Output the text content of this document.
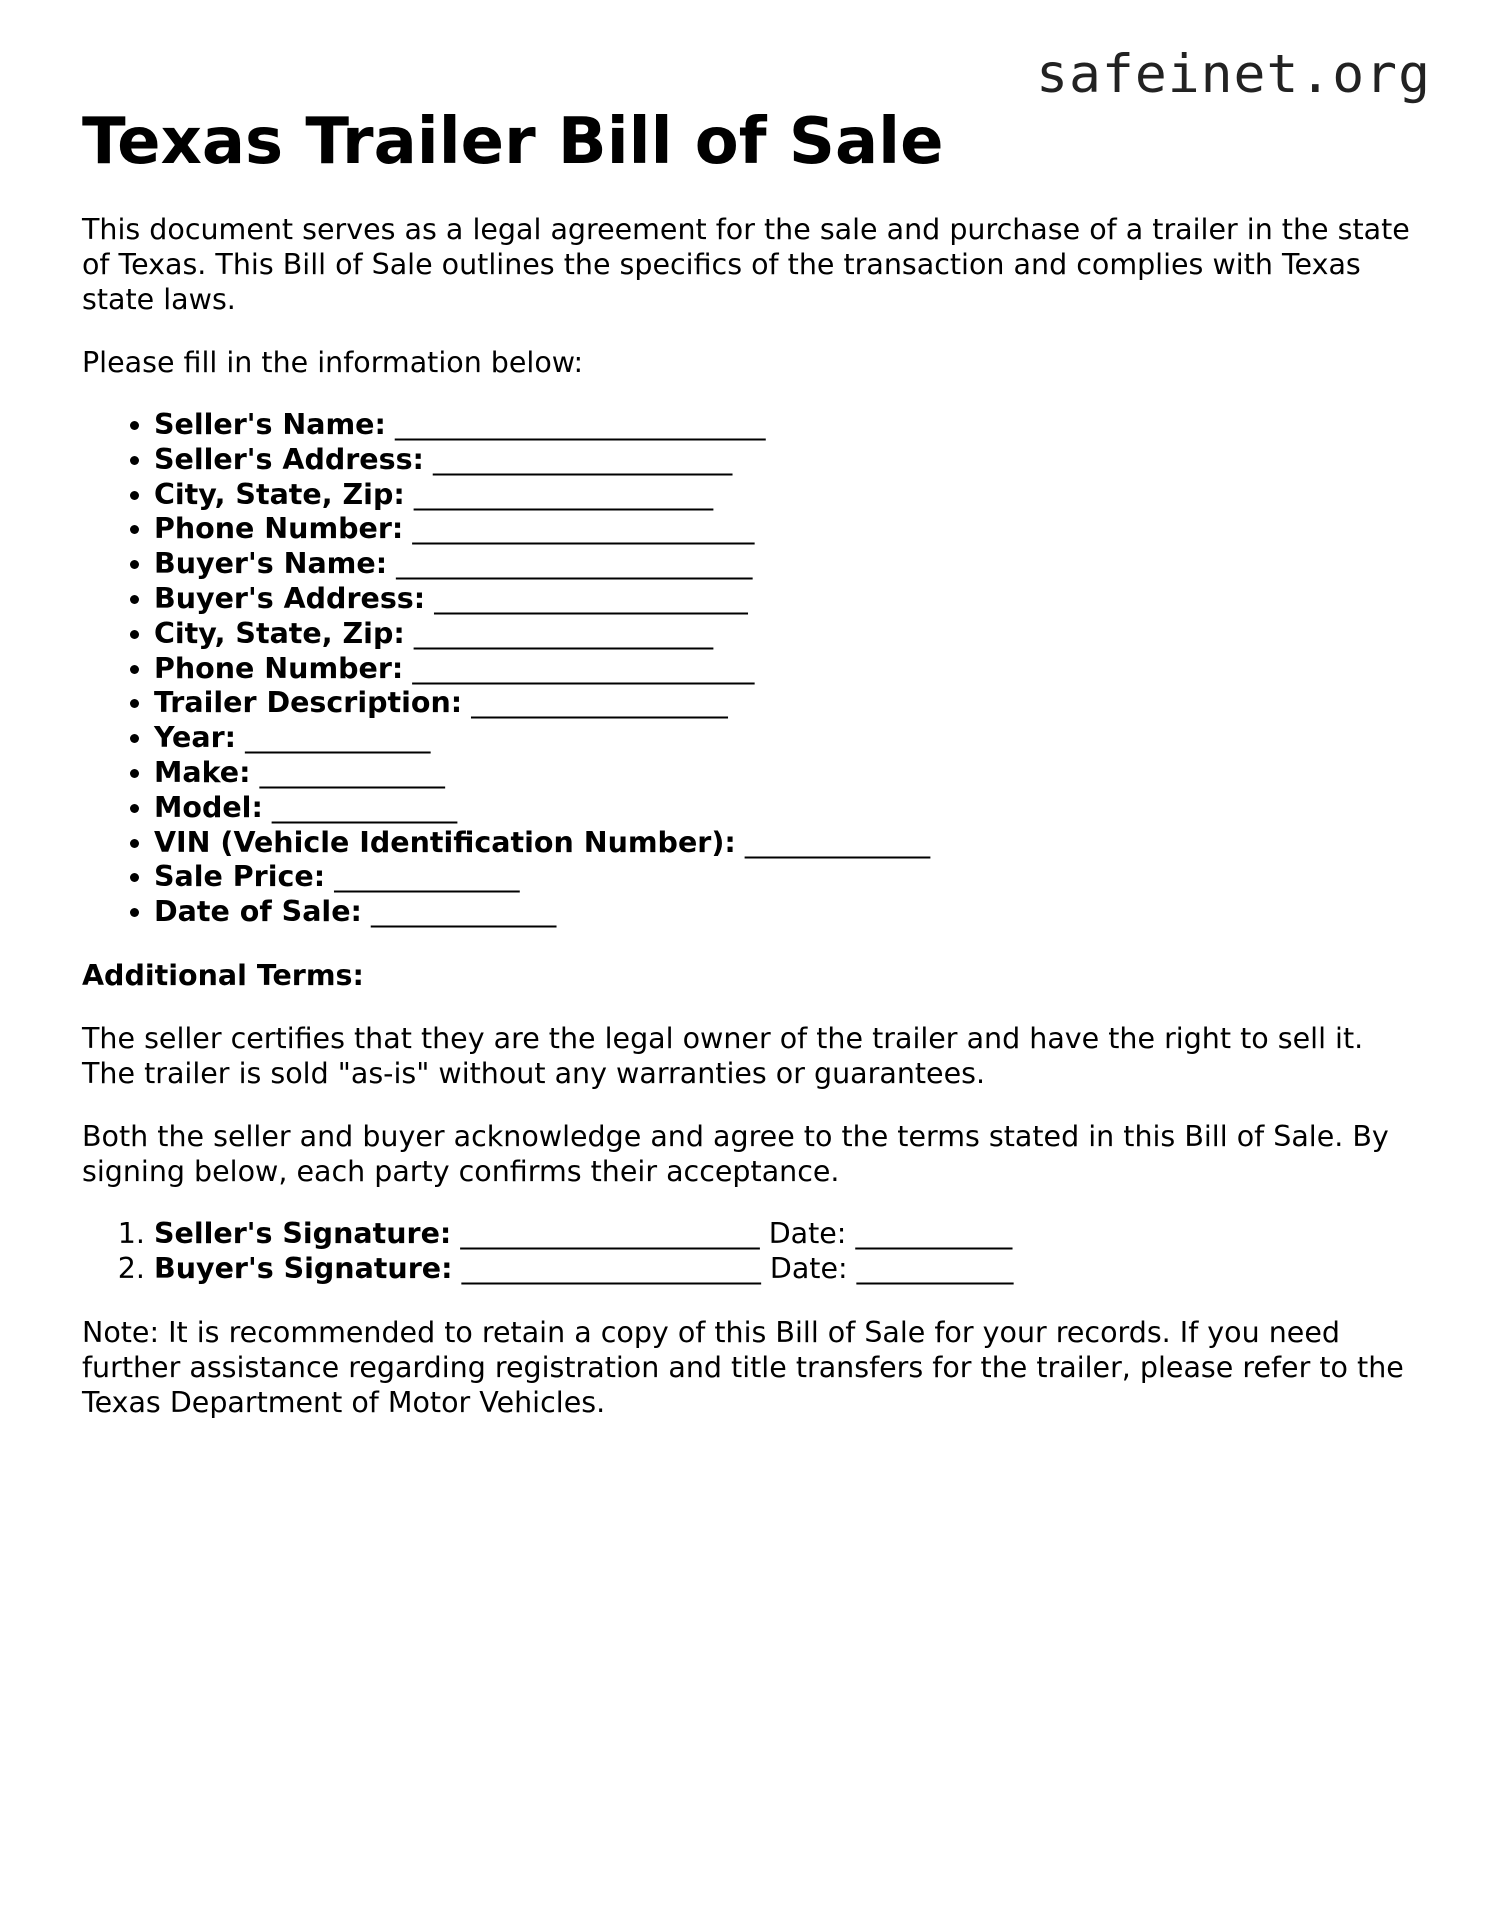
safeinet.org
Texas Trailer Bill of Sale

This document serves as a legal agreement for the sale and purchase of a trailer in the state of Texas. This Bill of Sale outlines the specifics of the transaction and complies with Texas state laws.

Please fill in the information below:

• Seller's Name: __________________________
• Seller's Address: _____________________
• City, State, Zip: _____________________
• Phone Number: ________________________
• Buyer's Name: _________________________
• Buyer's Address: ______________________
• City, State, Zip: _____________________
• Phone Number: ________________________
• Trailer Description: __________________
• Year: _____________
• Make: _____________
• Model: _____________
• VIN (Vehicle Identification Number): _____________
• Sale Price: _____________
• Date of Sale: _____________

Additional Terms:

The seller certifies that they are the legal owner of the trailer and have the right to sell it. The trailer is sold "as-is" without any warranties or guarantees.

Both the seller and buyer acknowledge and agree to the terms stated in this Bill of Sale. By signing below, each party confirms their acceptance.

1. Seller's Signature: _____________________ Date: ___________
2. Buyer's Signature: _____________________ Date: ___________

Note: It is recommended to retain a copy of this Bill of Sale for your records. If you need further assistance regarding registration and title transfers for the trailer, please refer to the Texas Department of Motor Vehicles.
